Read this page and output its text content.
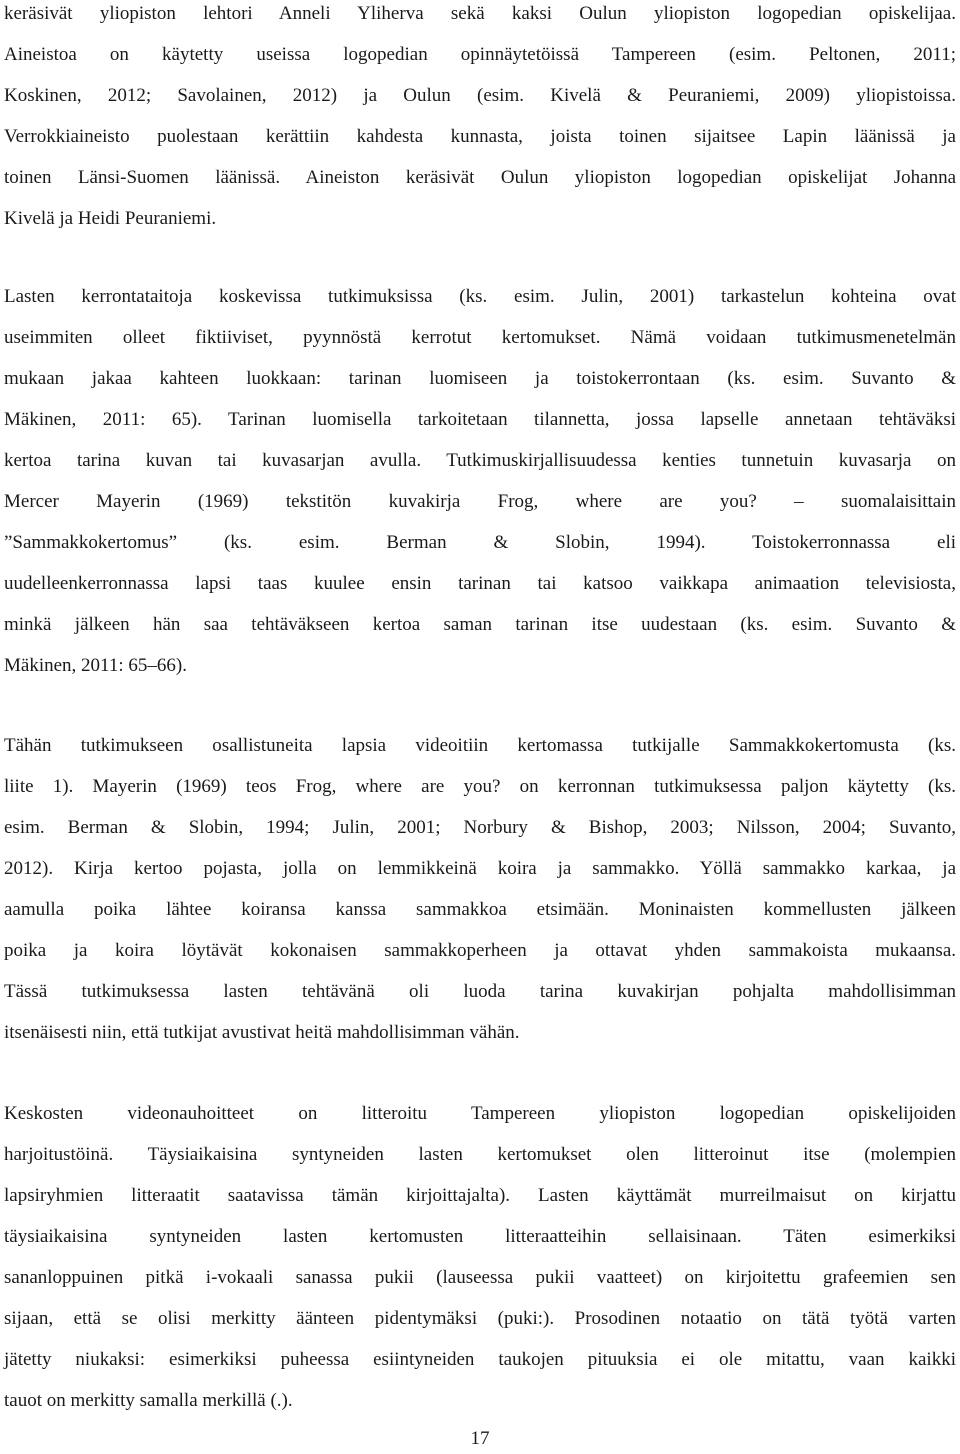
keräsivät yliopiston lehtori Anneli Yliherva sekä kaksi Oulun yliopiston logopedian opiskelijaa.
Aineistoa on käytetty useissa logopedian opinnäytetöissä Tampereen (esim. Peltonen, 2011;
Koskinen, 2012; Savolainen, 2012) ja Oulun (esim. Kivelä & Peuraniemi, 2009) yliopistoissa.
Verrokkiaineisto puolestaan kerättiin kahdesta kunnasta, joista toinen sijaitsee Lapin läänissä ja
toinen Länsi-Suomen läänissä. Aineiston keräsivät Oulun yliopiston logopedian opiskelijat Johanna
Kivelä ja Heidi Peuraniemi.
Lasten kerrontataitoja koskevissa tutkimuksissa (ks. esim. Julin, 2001) tarkastelun kohteina ovat
useimmiten olleet fiktiiviset, pyynnöstä kerrotut kertomukset. Nämä voidaan tutkimusmenetelmän
mukaan jakaa kahteen luokkaan: tarinan luomiseen ja toistokerrontaan (ks. esim. Suvanto &
Mäkinen, 2011: 65). Tarinan luomisella tarkoitetaan tilannetta, jossa lapselle annetaan tehtäväksi
kertoa tarina kuvan tai kuvasarjan avulla. Tutkimuskirjallisuudessa kenties tunnetuin kuvasarja on
Mercer Mayerin (1969) tekstitön kuvakirja Frog, where are you? – suomalaisittain
”Sammakkokertomus” (ks. esim. Berman & Slobin, 1994). Toistokerronnassa eli
uudelleenkerronnassa lapsi taas kuulee ensin tarinan tai katsoo vaikkapa animaation televisiosta,
minkä jälkeen hän saa tehtäväkseen kertoa saman tarinan itse uudestaan (ks. esim. Suvanto &
Mäkinen, 2011: 65–66).
Tähän tutkimukseen osallistuneita lapsia videoitiin kertomassa tutkijalle Sammakkokertomusta (ks.
liite 1). Mayerin (1969) teos Frog, where are you? on kerronnan tutkimuksessa paljon käytetty (ks.
esim. Berman & Slobin, 1994; Julin, 2001; Norbury & Bishop, 2003; Nilsson, 2004; Suvanto,
2012). Kirja kertoo pojasta, jolla on lemmikkeinä koira ja sammakko. Yöllä sammakko karkaa, ja
aamulla poika lähtee koiransa kanssa sammakkoa etsimään. Moninaisten kommellusten jälkeen
poika ja koira löytävät kokonaisen sammakkoperheen ja ottavat yhden sammakoista mukaansa.
Tässä tutkimuksessa lasten tehtävänä oli luoda tarina kuvakirjan pohjalta mahdollisimman
itsenäisesti niin, että tutkijat avustivat heitä mahdollisimman vähän.
Keskosten videonauhoitteet on litteroitu Tampereen yliopiston logopedian opiskelijoiden
harjoitustöinä. Täysiaikaisina syntyneiden lasten kertomukset olen litteroinut itse (molempien
lapsiryhmien litteraatit saatavissa tämän kirjoittajalta). Lasten käyttämät murreilmaisut on kirjattu
täysiaikaisina syntyneiden lasten kertomusten litteraatteihin sellaisinaan. Täten esimerkiksi
sananloppuinen pitkä i-vokaali sanassa pukii (lauseessa pukii vaatteet) on kirjoitettu grafeemien sen
sijaan, että se olisi merkitty äänteen pidentymäksi (puki:). Prosodinen notaatio on tätä työtä varten
jätetty niukaksi: esimerkiksi puheessa esiintyneiden taukojen pituuksia ei ole mitattu, vaan kaikki
tauot on merkitty samalla merkillä (.).
17
